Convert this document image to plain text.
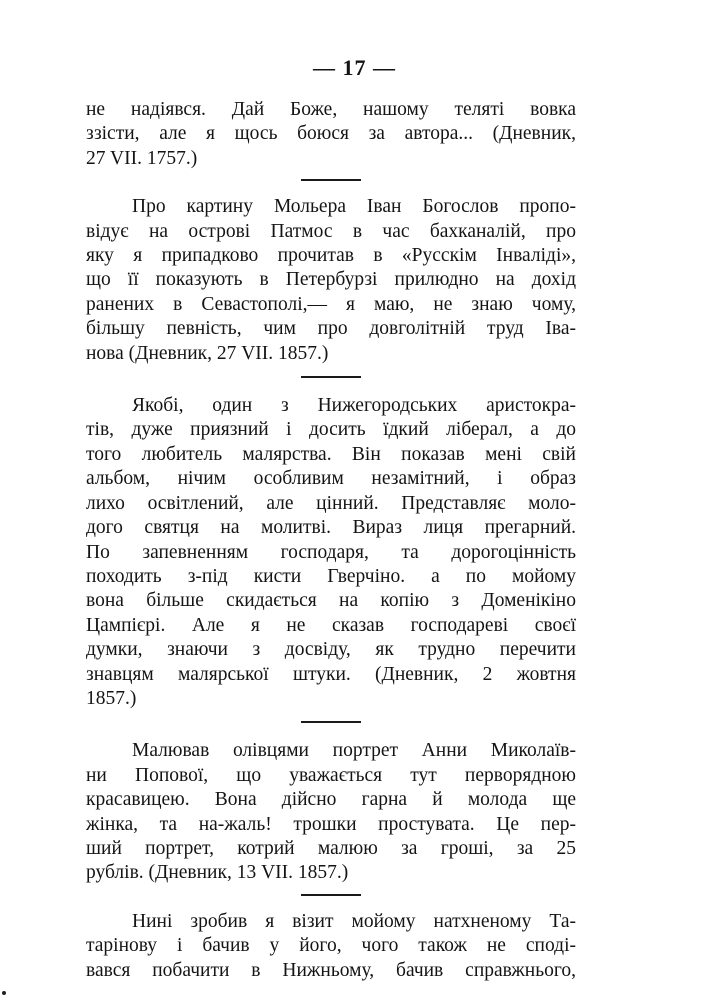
— 17 —

не надіявся. Дай Боже, нашому теляті вовка
ззісти, але я щось боюся за автора... (Дневник,
27 VII. 1757.)

Про картину Мольера Іван Богослов пропо-
відує на острові Патмос в час бахканалій, про
яку я припадково прочитав в «Русскім Інваліді»,
що її показують в Петербурзі прилюдно на дохід
ранених в Севастополі,— я маю, не знаю чому,
більшу певність, чим про довголітній труд Іва-
нова (Дневник, 27 VII. 1857.)

Якобі, один з Нижегородських аристокра-
тів, дуже приязний і досить їдкий ліберал, а до
того любитель малярства. Він показав мені свій
альбом, нічим особливим незамітний, і образ
лихо освітлений, але цінний. Представляє моло-
дого святця на молитві. Вираз лиця прегарний.
По запевненням господаря, та дорогоцінність
походить з-під кисти Гверчіно. а по мойому
вона більше скидається на копію з Доменікіно
Цампієрі. Але я не сказав господареві своєї
думки, знаючи з досвіду, як трудно перечити
знавцям малярської штуки. (Дневник, 2 жовтня
1857.)

Малював олівцями портрет Анни Миколаїв-
ни Попової, що уважається тут перворядною
красавицею. Вона дійсно гарна й молода ще
жінка, та на-жаль! трошки простувата. Це пер-
ший портрет, котрий малюю за гроші, за 25
рублів. (Дневник, 13 VII. 1857.)

Нині зробив я візит мойому натхненому Та-
тарінову і бачив у його, чого також не споді-
вався побачити в Нижньому, бачив справжнього,
